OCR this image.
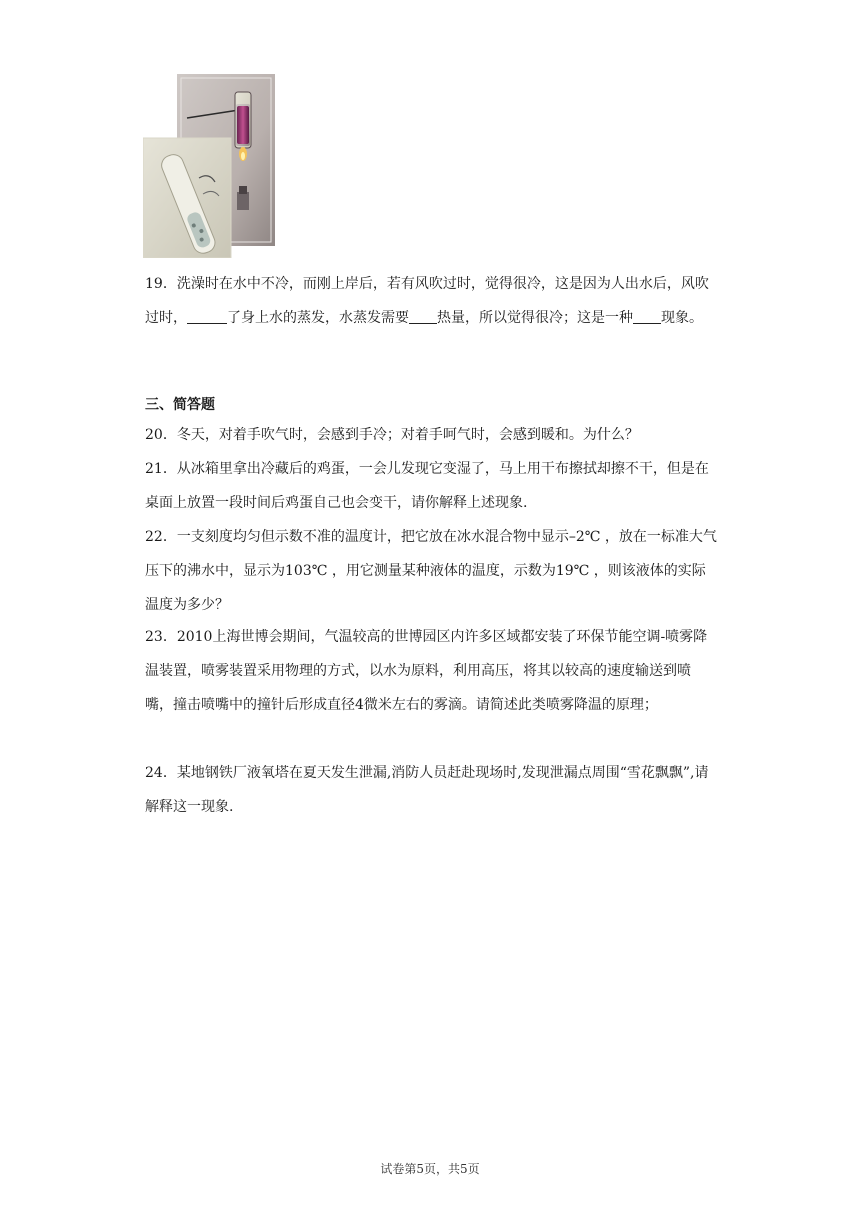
19．洗澡时在水中不冷，而刚上岸后，若有风吹过时，觉得很冷，这是因为人出水后，风吹过时，	了身上水的蒸发，水蒸发需要 热量，所以觉得很冷；这是一种 现象。

三、简答题

20．冬天，对着手吹气时，会感到手冷；对着手呵气时，会感到暖和。为什么？

21．从冰箱里拿出冷藏后的鸡蛋，一会儿发现它变湿了，马上用干布擦拭却擦不干，但是在桌面上放置一段时间后鸡蛋自己也会变干，请你解释上述现象.

22．一支刻度均匀但示数不准的温度计，把它放在冰水混合物中显示–2℃ ，放在一标准大气压下的沸水中，显示为103℃ ，用它测量某种液体的温度，示数为19℃ ，则该液体的实际温度为多少？

23．2010上海世博会期间，气温较高的世博园区内许多区域都安装了环保节能空调-喷雾降温装置，喷雾装置采用物理的方式，以水为原料，利用高压，将其以较高的速度输送到喷嘴，撞击喷嘴中的撞针后形成直径4微米左右的雾滴。请简述此类喷雾降温的原理；

24．某地钢铁厂液氧塔在夏天发生泄漏,消防人员赶赴现场时,发现泄漏点周围“雪花飘飘”,请解释这一现象.

试卷第5页，共5页
